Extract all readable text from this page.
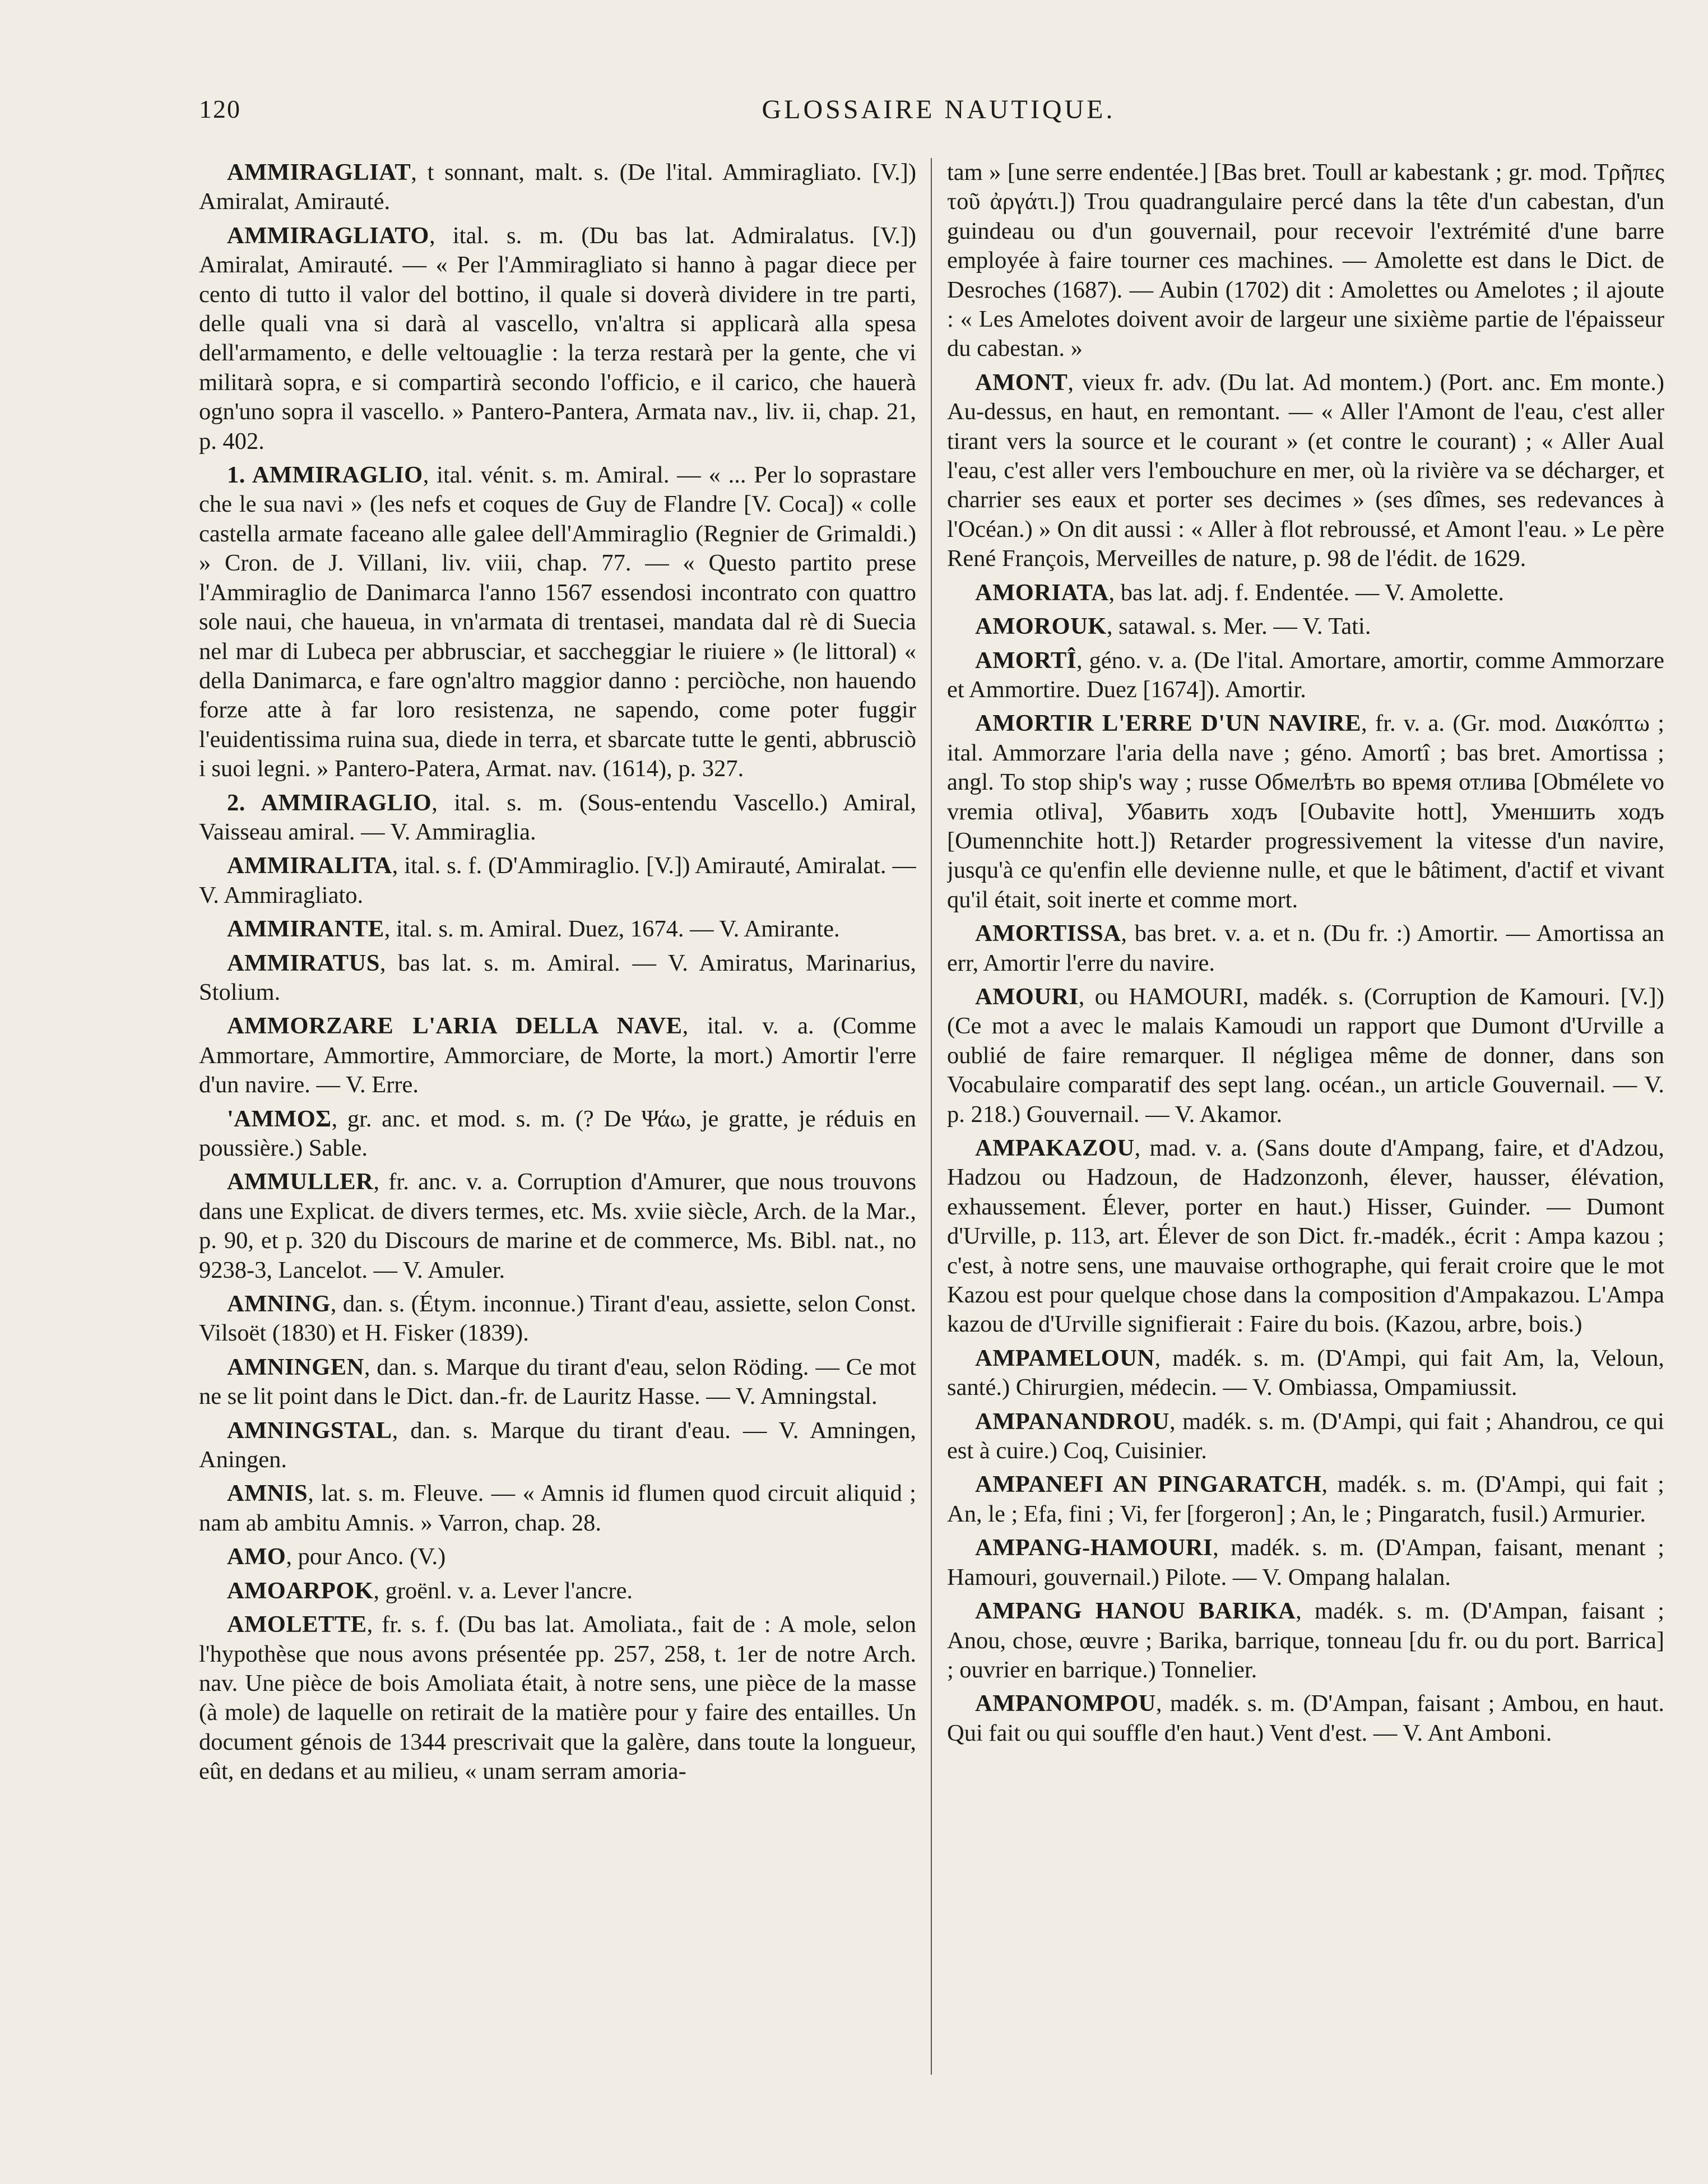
120	GLOSSAIRE NAUTIQUE.

AMMIRAGLIAT, t sonnant, malt. s. (De l'ital. Ammiragliato. [V.]) Amiralat, Amirauté.

AMMIRAGLIATO, ital. s. m. (Du bas lat. Admiralatus. [V.]) Amiralat, Amirauté. — « Per l'Ammiragliato si hanno à pagar diece per cento di tutto il valor del bottino, il quale si doverà dividere in tre parti, delle quali vna si darà al vascello, vn'altra si applicarà alla spesa dell'armamento, e delle veltouaglie : la terza restarà per la gente, che vi militarà sopra, e si compartirà secondo l'officio, e il carico, che hauerà ogn'uno sopra il vascello. » Pantero-Pantera, Armata nav., liv. ii, chap. 21, p. 402.

1. AMMIRAGLIO, ital. vénit. s. m. Amiral. — « ... Per lo soprastare che le sua navi » (les nefs et coques de Guy de Flandre [V. Coca]) « colle castella armate faceano alle galee dell'Ammiraglio (Regnier de Grimaldi.) » Cron. de J. Villani, liv. viii, chap. 77. — « Questo partito prese l'Ammiraglio de Danimarca l'anno 1567 essendosi incontrato con quattro sole naui, che haueua, in vn'armata di trentasei, mandata dal rè di Suecia nel mar di Lubeca per abbrusciar, et saccheggiar le riuiere » (le littoral) « della Danimarca, e fare ogn'altro maggior danno : perciòche, non hauendo forze atte à far loro resistenza, ne sapendo, come poter fuggir l'euidentissima ruina sua, diede in terra, et sbarcate tutte le genti, abbrusciò i suoi legni. » Pantero-Patera, Armat. nav. (1614), p. 327.

2. AMMIRAGLIO, ital. s. m. (Sous-entendu Vascello.) Amiral, Vaisseau amiral. — V. Ammiraglia.

AMMIRALITA, ital. s. f. (D'Ammiraglio. [V.]) Amirauté, Amiralat. — V. Ammiragliato.

AMMIRANTE, ital. s. m. Amiral. Duez, 1674. — V. Amirante.

AMMIRATUS, bas lat. s. m. Amiral. — V. Amiratus, Marinarius, Stolium.

AMMORZARE L'ARIA DELLA NAVE, ital. v. a. (Comme Ammortare, Ammortire, Ammorciare, de Morte, la mort.) Amortir l'erre d'un navire. — V. Erre.

'ΑΜΜΟΣ, gr. anc. et mod. s. m. (? De Ψάω, je gratte, je réduis en poussière.) Sable.

AMMULLER, fr. anc. v. a. Corruption d'Amurer, que nous trouvons dans une Explicat. de divers termes, etc. Ms. xviie siècle, Arch. de la Mar., p. 90, et p. 320 du Discours de marine et de commerce, Ms. Bibl. nat., no 9238-3, Lancelot. — V. Amuler.

AMNING, dan. s. (Étym. inconnue.) Tirant d'eau, assiette, selon Const. Vilsoët (1830) et H. Fisker (1839).

AMNINGEN, dan. s. Marque du tirant d'eau, selon Röding. — Ce mot ne se lit point dans le Dict. dan.-fr. de Lauritz Hasse. — V. Amningstal.

AMNINGSTAL, dan. s. Marque du tirant d'eau. — V. Amningen, Aningen.

AMNIS, lat. s. m. Fleuve. — « Amnis id flumen quod circuit aliquid ; nam ab ambitu Amnis. » Varron, chap. 28.

AMO, pour Anco. (V.)

AMOARPOK, groënl. v. a. Lever l'ancre.

AMOLETTE, fr. s. f. (Du bas lat. Amoliata., fait de : A mole, selon l'hypothèse que nous avons présentée pp. 257, 258, t. 1er de notre Arch. nav. Une pièce de bois Amoliata était, à notre sens, une pièce de la masse (à mole) de laquelle on retirait de la matière pour y faire des entailles. Un document génois de 1344 prescrivait que la galère, dans toute la longueur, eût, en dedans et au milieu, « unam serram amoria-

tam » [une serre endentée.] [Bas bret. Toull ar kabestank ; gr. mod. Τρῆπες τοῦ ἀργάτι.]) Trou quadrangulaire percé dans la tête d'un cabestan, d'un guindeau ou d'un gouvernail, pour recevoir l'extrémité d'une barre employée à faire tourner ces machines. — Amolette est dans le Dict. de Desroches (1687). — Aubin (1702) dit : Amolettes ou Amelotes ; il ajoute : « Les Amelotes doivent avoir de largeur une sixième partie de l'épaisseur du cabestan. »

AMONT, vieux fr. adv. (Du lat. Ad montem.) (Port. anc. Em monte.) Au-dessus, en haut, en remontant. — « Aller l'Amont de l'eau, c'est aller tirant vers la source et le courant » (et contre le courant) ; « Aller Aual l'eau, c'est aller vers l'embouchure en mer, où la rivière va se décharger, et charrier ses eaux et porter ses decimes » (ses dîmes, ses redevances à l'Océan.) » On dit aussi : « Aller à flot rebroussé, et Amont l'eau. » Le père René François, Merveilles de nature, p. 98 de l'édit. de 1629.

AMORIATA, bas lat. adj. f. Endentée. — V. Amolette.

AMOROUK, satawal. s. Mer. — V. Tati.

AMORTÎ, géno. v. a. (De l'ital. Amortare, amortir, comme Ammorzare et Ammortire. Duez [1674]). Amortir.

AMORTIR L'ERRE D'UN NAVIRE, fr. v. a. (Gr. mod. Διακόπτω ; ital. Ammorzare l'aria della nave ; géno. Amortî ; bas bret. Amortissa ; angl. To stop ship's way ; russe Обмелѣть во время отлива [Obmélete vo vremia otliva], Убавить ходъ [Oubavite hott], Уменшить ходъ [Oumennchite hott.]) Retarder progressivement la vitesse d'un navire, jusqu'à ce qu'enfin elle devienne nulle, et que le bâtiment, d'actif et vivant qu'il était, soit inerte et comme mort.

AMORTISSA, bas bret. v. a. et n. (Du fr. :) Amortir. — Amortissa an err, Amortir l'erre du navire.

AMOURI, ou HAMOURI, madék. s. (Corruption de Kamouri. [V.]) (Ce mot a avec le malais Kamoudi un rapport que Dumont d'Urville a oublié de faire remarquer. Il négligea même de donner, dans son Vocabulaire comparatif des sept lang. océan., un article Gouvernail. — V. p. 218.) Gouvernail. — V. Akamor.

AMPAKAZOU, mad. v. a. (Sans doute d'Ampang, faire, et d'Adzou, Hadzou ou Hadzoun, de Hadzonzonh, élever, hausser, élévation, exhaussement. Élever, porter en haut.) Hisser, Guinder. — Dumont d'Urville, p. 113, art. Élever de son Dict. fr.-madék., écrit : Ampa kazou ; c'est, à notre sens, une mauvaise orthographe, qui ferait croire que le mot Kazou est pour quelque chose dans la composition d'Ampakazou. L'Ampa kazou de d'Urville signifierait : Faire du bois. (Kazou, arbre, bois.)

AMPAMELOUN, madék. s. m. (D'Ampi, qui fait Am, la, Veloun, santé.) Chirurgien, médecin. — V. Ombiassa, Ompamiussit.

AMPANANDROU, madék. s. m. (D'Ampi, qui fait ; Ahandrou, ce qui est à cuire.) Coq, Cuisinier.

AMPANEFI AN PINGARATCH, madék. s. m. (D'Ampi, qui fait ; An, le ; Efa, fini ; Vi, fer [forgeron] ; An, le ; Pingaratch, fusil.) Armurier.

AMPANG-HAMOURI, madék. s. m. (D'Ampan, faisant, menant ; Hamouri, gouvernail.) Pilote. — V. Ompang halalan.

AMPANG HANOU BARIKA, madék. s. m. (D'Ampan, faisant ; Anou, chose, œuvre ; Barika, barrique, tonneau [du fr. ou du port. Barrica] ; ouvrier en barrique.) Tonnelier.

AMPANOMPOU, madék. s. m. (D'Ampan, faisant ; Ambou, en haut. Qui fait ou qui souffle d'en haut.) Vent d'est. — V. Ant Amboni.
